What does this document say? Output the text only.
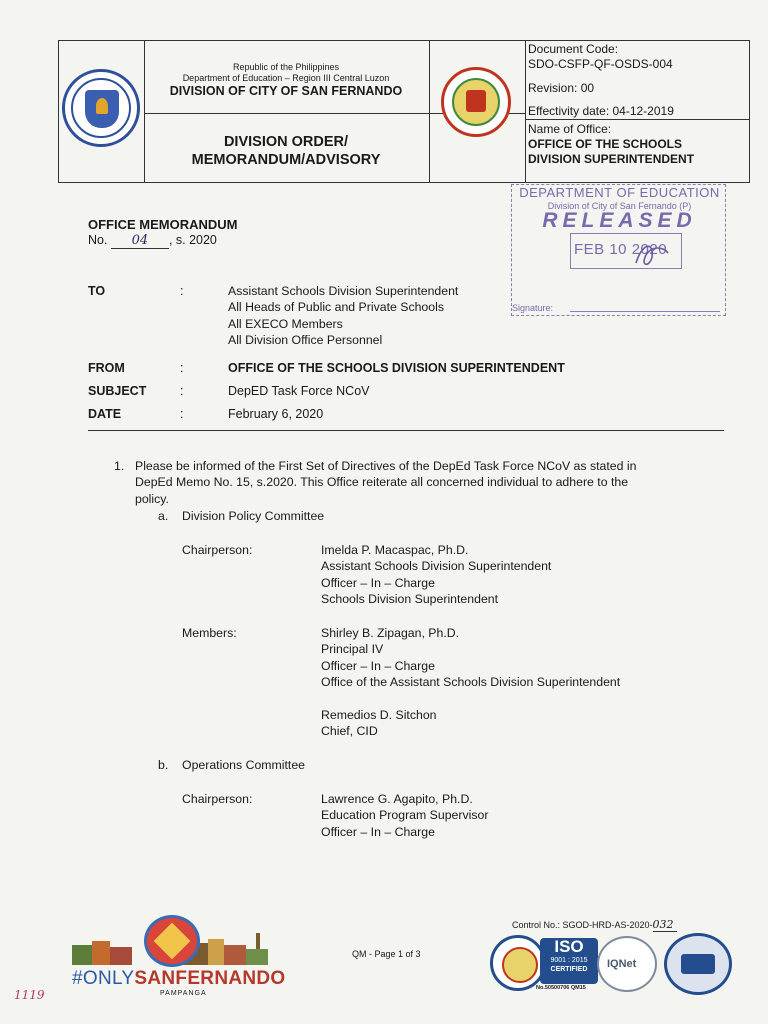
Republic of the Philippines
Department of Education – Region III Central Luzon
DIVISION OF CITY OF SAN FERNANDO
DIVISION ORDER/
MEMORANDUM/ADVISORY
Document Code:
SDO-CSFP-QF-OSDS-004
Revision: 00
Effectivity date: 04-12-2019
Name of Office:
OFFICE OF THE SCHOOLS
DIVISION SUPERINTENDENT
DEPARTMENT OF EDUCATION
Division of City of San Fernando (P)
RELEASED
FEB 10 2020
Signature:
OFFICE MEMORANDUM
No. 04 , s. 2020
TO	:	Assistant Schools Division Superintendent
All Heads of Public and Private Schools
All EXECO Members
All Division Office Personnel
FROM	:	OFFICE OF THE SCHOOLS DIVISION SUPERINTENDENT
SUBJECT	:	DepED Task Force NCoV
DATE	:	February 6, 2020
1. Please be informed of the First Set of Directives of the DepEd Task Force NCoV as stated in
DepEd Memo No. 15, s.2020. This Office reiterate all concerned individual to adhere to the
policy.
a. Division Policy Committee
Chairperson:	Imelda P. Macaspac, Ph.D.
Assistant Schools Division Superintendent
Officer – In – Charge
Schools Division Superintendent
Members:	Shirley B. Zipagan, Ph.D.
Principal IV
Officer – In – Charge
Office of the Assistant Schools Division Superintendent
Remedios D. Sitchon
Chief, CID
b. Operations Committee
Chairperson:	Lawrence G. Agapito, Ph.D.
Education Program Supervisor
Officer – In – Charge
#ONLYSANFERNANDO
PAMPANGA
QM - Page 1 of 3
Control No.: SGOD-HRD-AS-2020-032
ISO
9001 : 2015
CERTIFIED
No.50500706 QM15
IQNet
1119
